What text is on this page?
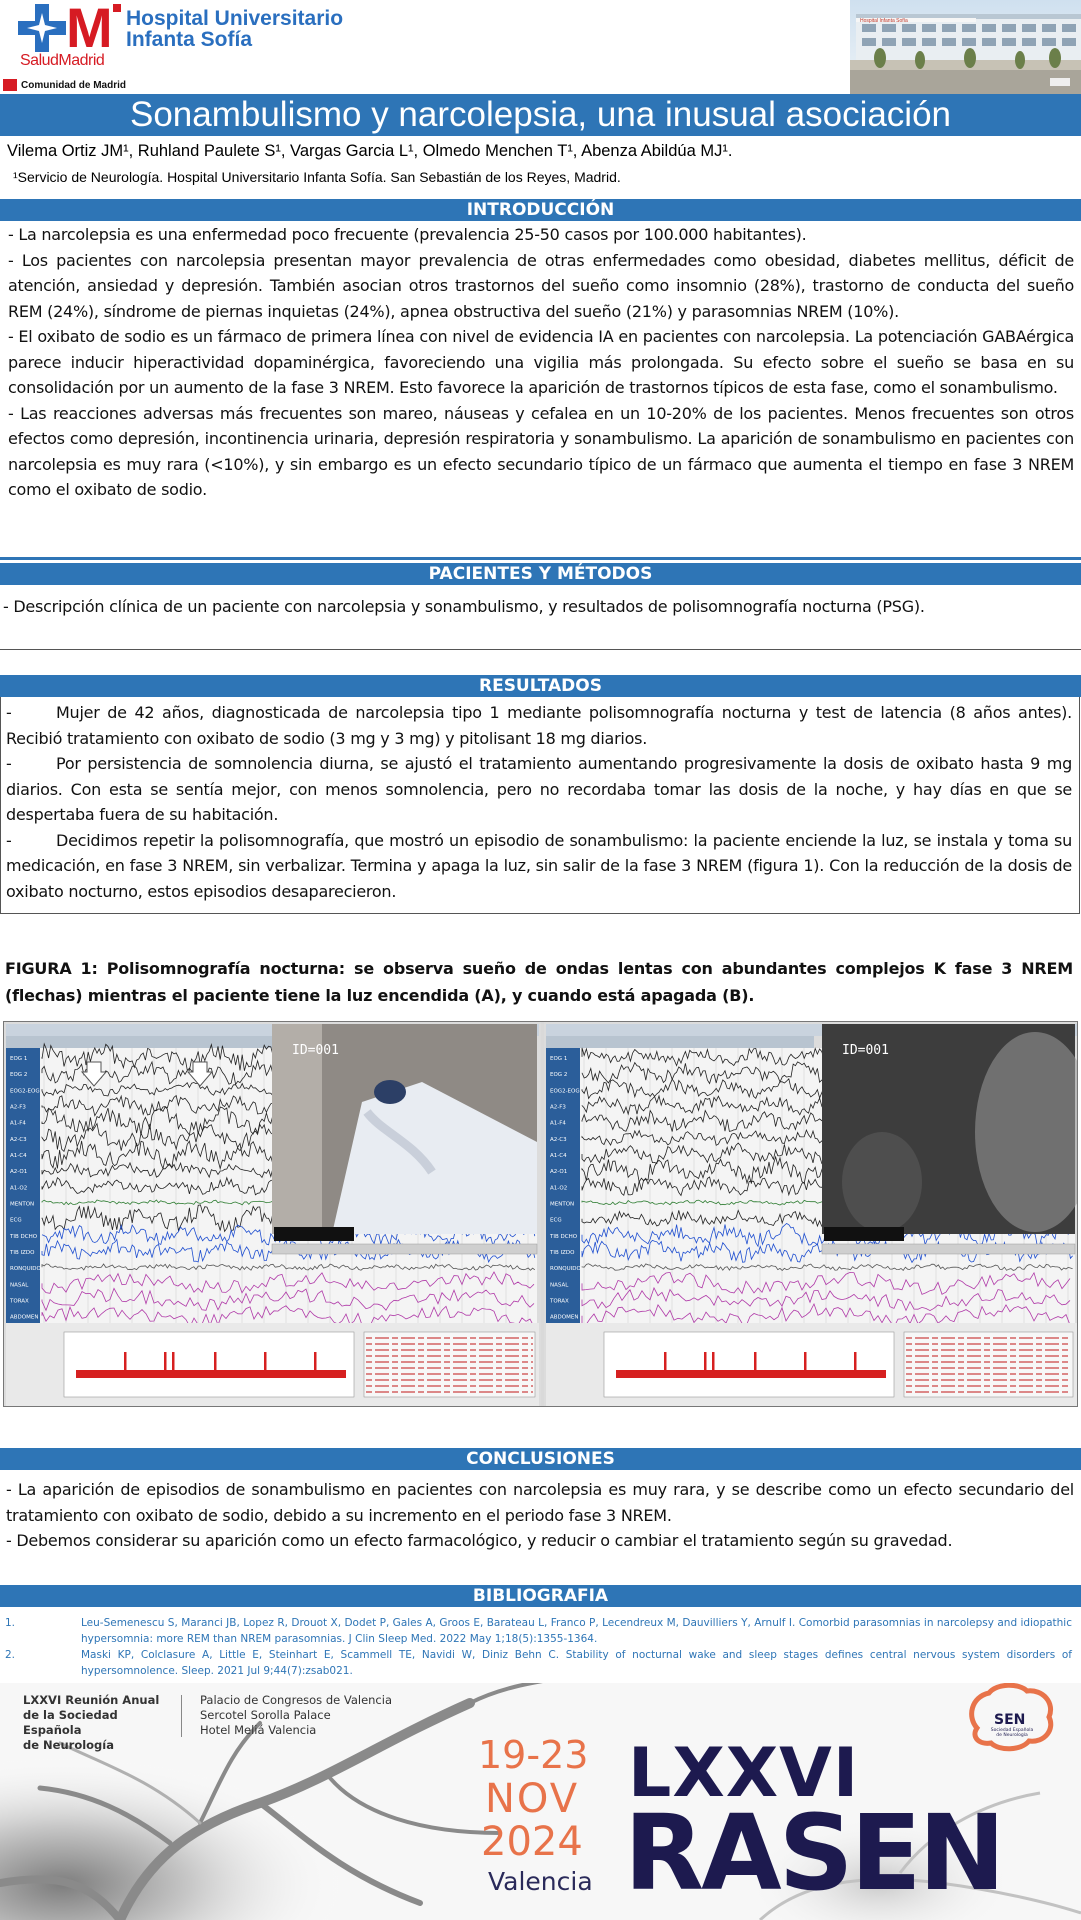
M Hospital Universitario
Infanta Sofía
SaludMadrid
Comunidad de Madrid
Hospital Infanta Sofía
Sonambulismo y narcolepsia, una inusual asociación
Vilema Ortiz JM¹, Ruhland Paulete S¹, Vargas Garcia L¹, Olmedo Menchen T¹, Abenza Abildúa MJ¹.
¹Servicio de Neurología. Hospital Universitario Infanta Sofía. San Sebastián de los Reyes, Madrid.
INTRODUCCIÓN

- La narcolepsia es una enfermedad poco frecuente (prevalencia 25-50 casos por 100.000 habitantes).

- Los pacientes con narcolepsia presentan mayor prevalencia de otras enfermedades como obesidad, diabetes mellitus, déficit de atención, ansiedad y depresión. También asocian otros trastornos del sueño como insomnio (28%), trastorno de conducta del sueño REM (24%), síndrome de piernas inquietas (24%), apnea obstructiva del sueño (21%) y parasomnias NREM (10%).

- El oxibato de sodio es un fármaco de primera línea con nivel de evidencia IA en pacientes con narcolepsia. La potenciación GABAérgica parece inducir hiperactividad dopaminérgica, favoreciendo una vigilia más prolongada. Su efecto sobre el sueño se basa en su consolidación por un aumento de la fase 3 NREM. Esto favorece la aparición de trastornos típicos de esta fase, como el sonambulismo.

- Las reacciones adversas más frecuentes son mareo, náuseas y cefalea en un 10-20% de los pacientes. Menos frecuentes son otros efectos como depresión, incontinencia urinaria, depresión respiratoria y sonambulismo. La aparición de sonambulismo en pacientes con narcolepsia es muy rara (<10%), y sin embargo es un efecto secundario típico de un fármaco que aumenta el tiempo en fase 3 NREM como el oxibato de sodio.

PACIENTES Y MÉTODOS
- Descripción clínica de un paciente con narcolepsia y sonambulismo, y resultados de polisomnografía nocturna (PSG).
RESULTADOS

-	Mujer de 42 años, diagnosticada de narcolepsia tipo 1 mediante polisomnografía nocturna y test de latencia (8 años antes). Recibió tratamiento con oxibato de sodio (3 mg y 3 mg) y pitolisant 18 mg diarios.

-	Por persistencia de somnolencia diurna, se ajustó el tratamiento aumentando progresivamente la dosis de oxibato hasta 9 mg diarios. Con esta se sentía mejor, con menos somnolencia, pero no recordaba tomar las dosis de la noche, y hay días en que se despertaba fuera de su habitación.

-	Decidimos repetir la polisomnografía, que mostró un episodio de sonambulismo: la paciente enciende la luz, se instala y toma su medicación, en fase 3 NREM, sin verbalizar. Termina y apaga la luz, sin salir de la fase 3 NREM (figura 1). Con la reducción de la dosis de oxibato nocturno, estos episodios desaparecieron.

FIGURA 1: Polisomnografía nocturna: se observa sueño de ondas lentas con abundantes complejos K fase 3 NREM (flechas) mientras el paciente tiene la luz encendida (A), y cuando está apagada (B).
EOG 1
EOG 2
EOG2-EOG
A2-F3
A1-F4
A2-C3
A1-C4
A2-O1
A1-O2
MENTON
ECG
TIB DCHO
TIB IZDO
RONQUIDO
NASAL
TORAX
ABDOMEN
ID=001
EOG 1
EOG 2
EOG2-EOG
A2-F3
A1-F4
A2-C3
A1-C4
A2-O1
A1-O2
MENTON
ECG
TIB DCHO
TIB IZDO
RONQUIDO
NASAL
TORAX
ABDOMEN
ID=001
CONCLUSIONES

- La aparición de episodios de sonambulismo en pacientes con narcolepsia es muy rara, y se describe como un efecto secundario del tratamiento con oxibato de sodio, debido a su incremento en el periodo fase 3 NREM.

- Debemos considerar su aparición como un efecto farmacológico, y reducir o cambiar el tratamiento según su gravedad.

BIBLIOGRAFIA
1.	Leu-Semenescu S, Maranci JB, Lopez R, Drouot X, Dodet P, Gales A, Groos E, Barateau L, Franco P, Lecendreux M, Dauvilliers Y, Arnulf I. Comorbid parasomnias in narcolepsy and idiopathic hypersomnia: more REM than NREM parasomnias. J Clin Sleep Med. 2022 May 1;18(5):1355-1364.
2.	Maski KP, Colclasure A, Little E, Steinhart E, Scammell TE, Navidi W, Diniz Behn C. Stability of nocturnal wake and sleep stages defines central nervous system disorders of hypersomnolence. Sleep. 2021 Jul 9;44(7):zsab021.
LXXVI Reunión Anual
de la Sociedad Española
de Neurología
Palacio de Congresos de Valencia
Sercotel Sorolla Palace
Hotel Meliá Valencia
19-23
NOV
2024
Valencia
LXXVI
RASEN
SEN
Sociedad Española de Neurología
